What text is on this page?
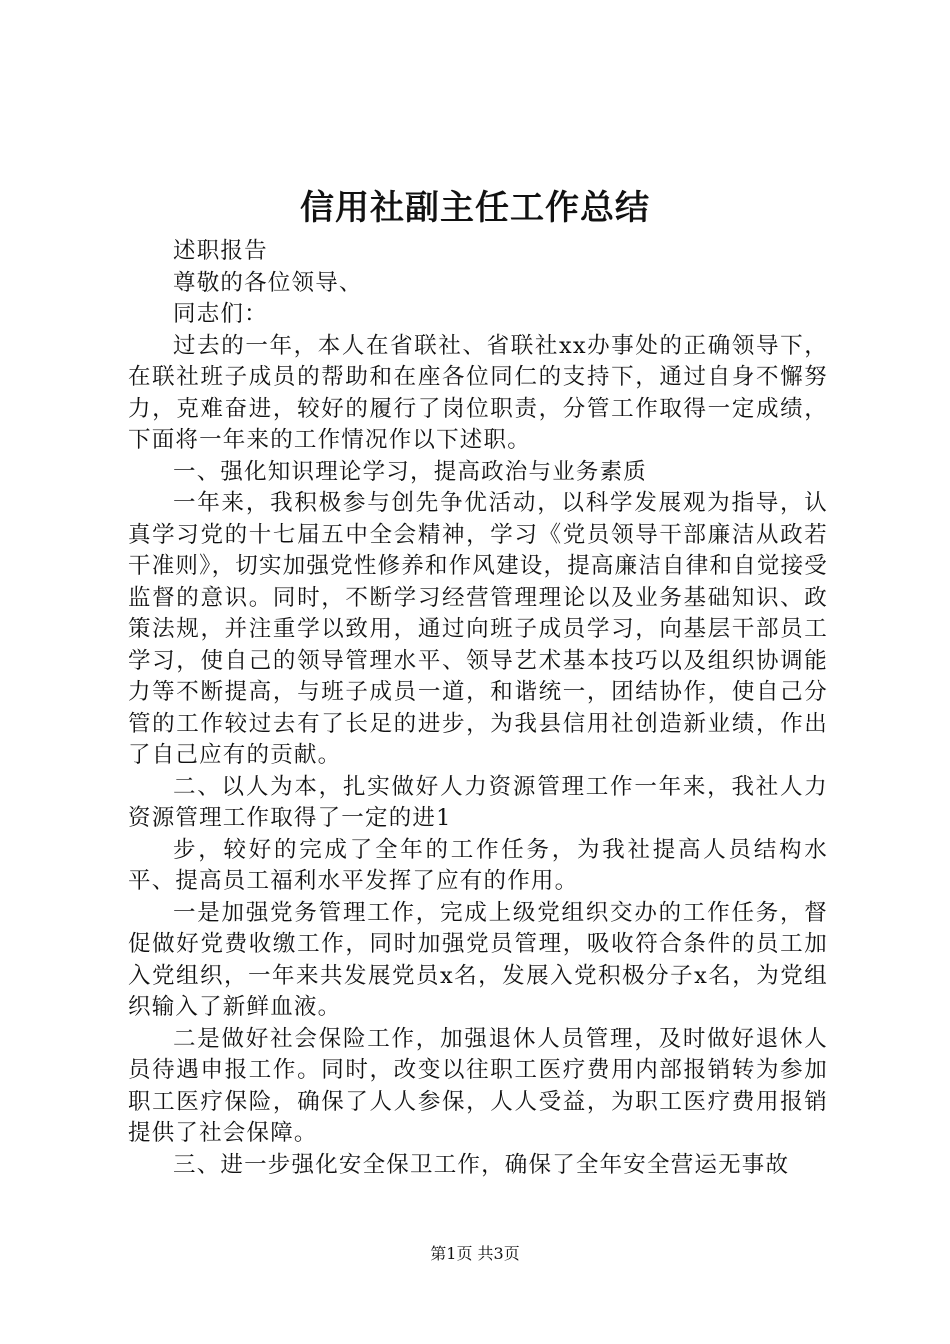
信用社副主任工作总结

述职报告

尊敬的各位领导、

同志们：

过去的一年，本人在省联社、省联社xx办事处的正确领导下，在联社班子成员的帮助和在座各位同仁的支持下，通过自身不懈努力，克难奋进，较好的履行了岗位职责，分管工作取得一定成绩，下面将一年来的工作情况作以下述职。

一、强化知识理论学习，提高政治与业务素质

一年来，我积极参与创先争优活动，以科学发展观为指导，认真学习党的十七届五中全会精神，学习《党员领导干部廉洁从政若干准则》，切实加强党性修养和作风建设，提高廉洁自律和自觉接受监督的意识。同时，不断学习经营管理理论以及业务基础知识、政策法规，并注重学以致用，通过向班子成员学习，向基层干部员工学习，使自己的领导管理水平、领导艺术基本技巧以及组织协调能力等不断提高，与班子成员一道，和谐统一，团结协作，使自己分管的工作较过去有了长足的进步，为我县信用社创造新业绩，作出了自己应有的贡献。

二、以人为本，扎实做好人力资源管理工作一年来，我社人力资源管理工作取得了一定的进1

步，较好的完成了全年的工作任务，为我社提高人员结构水平、提高员工福利水平发挥了应有的作用。

一是加强党务管理工作，完成上级党组织交办的工作任务，督促做好党费收缴工作，同时加强党员管理，吸收符合条件的员工加入党组织，一年来共发展党员x名，发展入党积极分子x名，为党组织输入了新鲜血液。

二是做好社会保险工作，加强退休人员管理，及时做好退休人员待遇申报工作。同时，改变以往职工医疗费用内部报销转为参加职工医疗保险，确保了人人参保，人人受益，为职工医疗费用报销提供了社会保障。

三、进一步强化安全保卫工作，确保了全年安全营运无事故

第1页 共3页
